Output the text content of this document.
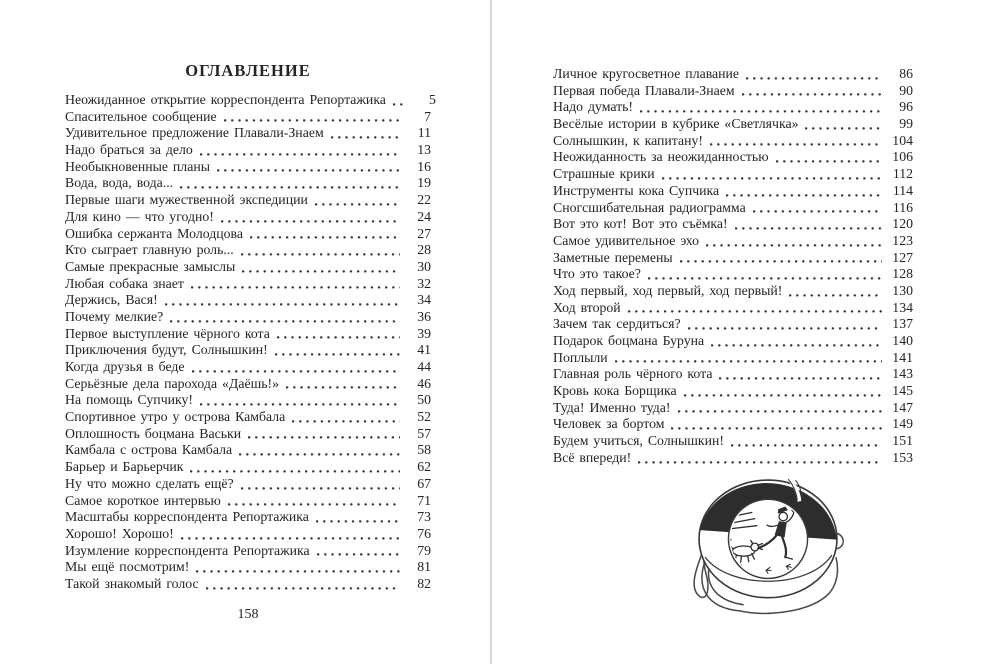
ОГЛАВЛЕНИЕ
Неожиданное открытие корреспондента Репортажика	5
Спасительное сообщение	7
Удивительное предложение Плавали-Знаем	11
Надо браться за дело	13
Необыкновенные планы	16
Вода, вода, вода...	19
Первые шаги мужественной экспедиции	22
Для кино — что угодно!	24
Ошибка сержанта Молодцова	27
Кто сыграет главную роль...	28
Самые прекрасные замыслы	30
Любая собака знает	32
Держись, Вася!	34
Почему мелкие?	36
Первое выступление чёрного кота	39
Приключения будут, Солнышкин!	41
Когда друзья в беде	44
Серьёзные дела парохода «Даёшь!»	46
На помощь Супчику!	50
Спортивное утро у острова Камбала	52
Оплошность боцмана Васьки	57
Камбала с острова Камбала	58
Барьер и Барьерчик	62
Ну что можно сделать ещё?	67
Самое короткое интервью	71
Масштабы корреспондента Репортажика	73
Хорошо! Хорошо!	76
Изумление корреспондента Репортажика	79
Мы ещё посмотрим!	81
Такой знакомый голос	82
158
Личное кругосветное плавание	86
Первая победа Плавали-Знаем	90
Надо думать!	96
Весёлые истории в кубрике «Светлячка»	99
Солнышкин, к капитану!	104
Неожиданность за неожиданностью	106
Страшные крики	112
Инструменты кока Супчика	114
Сногсшибательная радиограмма	116
Вот это кот! Вот это съёмка!	120
Самое удивительное эхо	123
Заметные перемены	127
Что это такое?	128
Ход первый, ход первый, ход первый!	130
Ход второй	134
Зачем так сердиться?	137
Подарок боцмана Буруна	140
Поплыли	141
Главная роль чёрного кота	143
Кровь кока Борщика	145
Туда! Именно туда!	147
Человек за бортом	149
Будем учиться, Солнышкин!	151
Всё впереди!	153
